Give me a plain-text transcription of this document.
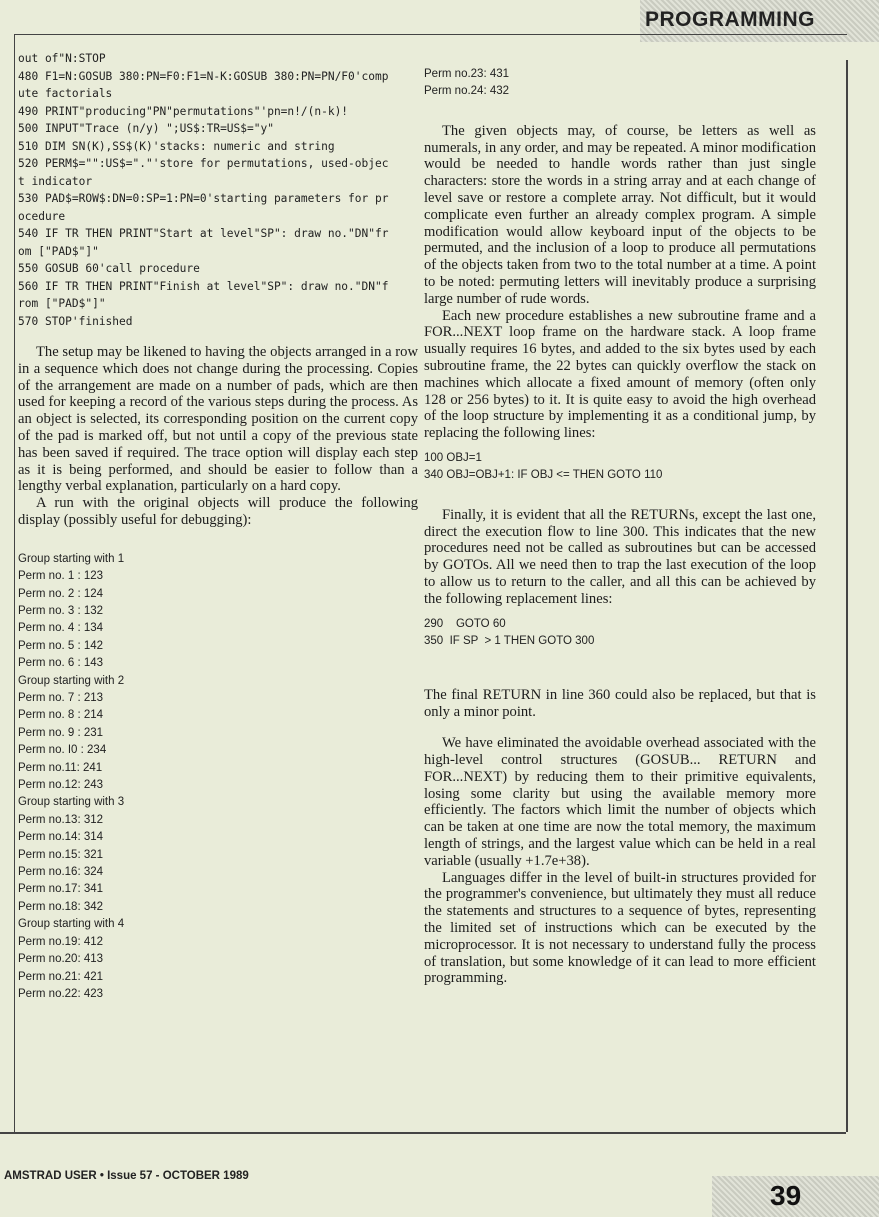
PROGRAMMING

out of"N:STOP

480 F1=N:GOSUB 380:PN=F0:F1=N-K:GOSUB 380:PN=PN/F0'comp

ute factorials

490 PRINT"producing"PN"permutations"'pn=n!/(n-k)!

500 INPUT"Trace (n/y) ";US$:TR=US$="y"

510 DIM SN(K),SS$(K)'stacks: numeric and string

520 PERM$="":US$="."'store for permutations, used-objec

t indicator

530 PAD$=ROW$:DN=0:SP=1:PN=0'starting parameters for pr

ocedure

540 IF TR THEN PRINT"Start at level"SP": draw no."DN"fr

om ["PAD$"]"

550 GOSUB 60'call procedure

560 IF TR THEN PRINT"Finish at level"SP": draw no."DN"f

rom ["PAD$"]"

570 STOP'finished

The setup may be likened to having the objects arranged in a row in a sequence which does not change during the processing. Copies of the arrangement are made on a number of pads, which are then used for keeping a record of the various steps during the process. As an object is selected, its corresponding position on the current copy of the pad is marked off, but not until a copy of the previous state has been saved if required. The trace option will display each step as it is being performed, and should be easier to follow than a lengthy verbal explanation, particularly on a hard copy.

A run with the original objects will produce the following display (possibly useful for debugging):

Group starting with 1

Perm no. 1 : 123

Perm no. 2 : 124

Perm no. 3 : 132

Perm no. 4 : 134

Perm no. 5 : 142

Perm no. 6 : 143

Group starting with 2

Perm no. 7 : 213

Perm no. 8 : 214

Perm no. 9 : 231

Perm no. I0 : 234

Perm no.11: 241

Perm no.12: 243

Group starting with 3

Perm no.13: 312

Perm no.14: 314

Perm no.15: 321

Perm no.16: 324

Perm no.17: 341

Perm no.18: 342

Group starting with 4

Perm no.19: 412

Perm no.20: 413

Perm no.21: 421

Perm no.22: 423

Perm no.23: 431

Perm no.24: 432

The given objects may, of course, be letters as well as numerals, in any order, and may be repeated. A minor modification would be needed to handle words rather than just single characters: store the words in a string array and at each change of level save or restore a complete array. Not difficult, but it would complicate even further an already complex program. A simple modification would allow keyboard input of the objects to be permuted, and the inclusion of a loop to produce all permutations of the objects taken from two to the total number at a time. A point to be noted: permuting letters will inevitably produce a surprising large number of rude words.

Each new procedure establishes a new subroutine frame and a FOR...NEXT loop frame on the hardware stack. A loop frame usually requires 16 bytes, and added to the six bytes used by each subroutine frame, the 22 bytes can quickly overflow the stack on machines which allocate a fixed amount of memory (often only 128 or 256 bytes) to it. It is quite easy to avoid the high overhead of the loop structure by implementing it as a conditional jump, by replacing the following lines:

100 OBJ=1

340 OBJ=OBJ+1: IF OBJ <= THEN GOTO 110

Finally, it is evident that all the RETURNs, except the last one, direct the execution flow to line 300. This indicates that the new procedures need not be called as subroutines but can be accessed by GOTOs. All we need then to trap the last execution of the loop to allow us to return to the caller, and all this can be achieved by the following replacement lines:

290    GOTO 60

350  IF SP  > 1 THEN GOTO 300

The final RETURN in line 360 could also be replaced, but that is only a minor point.

We have eliminated the avoidable overhead associated with the high-level control structures (GOSUB... RETURN and FOR...NEXT) by reducing them to their primitive equivalents, losing some clarity but using the available memory more efficiently. The factors which limit the number of objects which can be taken at one time are now the total memory, the maximum length of strings, and the largest value which can be held in a real variable (usually +1.7e+38).

Languages differ in the level of built-in structures provided for the programmer's convenience, but ultimately they must all reduce the statements and structures to a sequence of bytes, representing the limited set of instructions which can be executed by the microprocessor. It is not necessary to understand fully the process of translation, but some knowledge of it can lead to more efficient programming.

AMSTRAD USER • Issue 57 - OCTOBER 1989
39
